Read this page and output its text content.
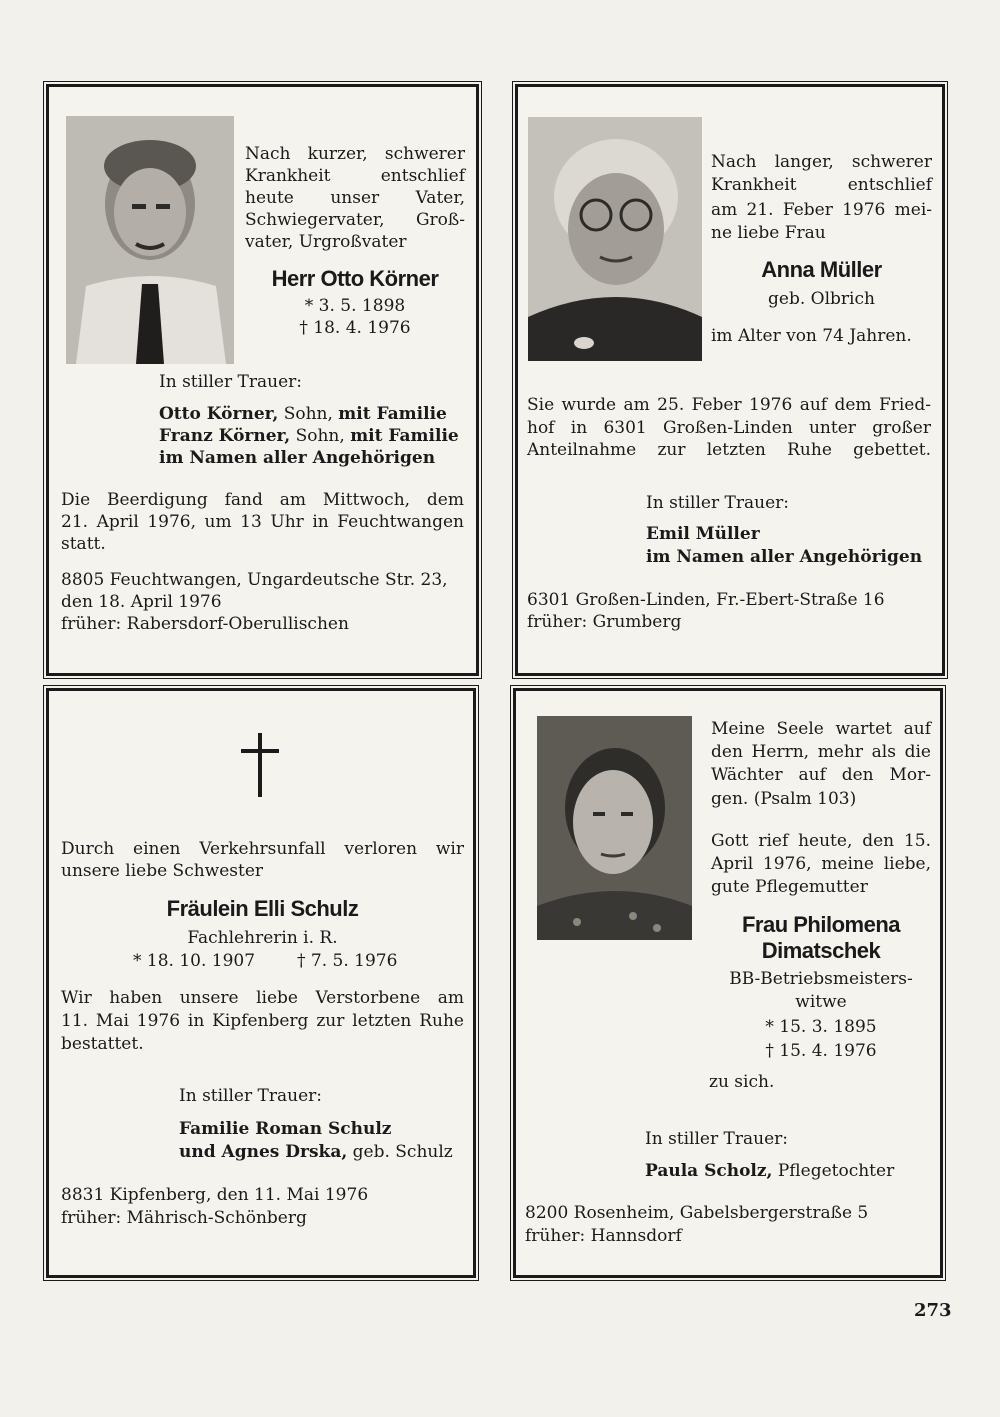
Nach kurzer, schwerer
Krankheit entschlief
heute unser Vater,
Schwiegervater, Groß-
vater, Urgroßvater
Herr Otto Körner
* 3. 5. 1898
† 18. 4. 1976
In stiller Trauer:
Otto Körner, Sohn, mit Familie
Franz Körner, Sohn, mit Familie
im Namen aller Angehörigen
Die Beerdigung fand am Mittwoch, dem
21. April 1976, um 13 Uhr in Feuchtwangen
statt.
8805 Feuchtwangen, Ungardeutsche Str. 23,
den 18. April 1976
früher: Rabersdorf-Oberullischen
Nach langer, schwerer
Krankheit entschlief
am 21. Feber 1976 mei-
ne liebe Frau
Anna Müller
geb. Olbrich
im Alter von 74 Jahren.
Sie wurde am 25. Feber 1976 auf dem Fried-
hof in 6301 Großen-Linden unter großer
Anteilnahme zur letzten Ruhe gebettet.
In stiller Trauer:
Emil Müller
im Namen aller Angehörigen
6301 Großen-Linden, Fr.-Ebert-Straße 16
früher: Grumberg
Durch einen Verkehrsunfall verloren wir
unsere liebe Schwester
Fräulein Elli Schulz
Fachlehrerin i. R.
* 18. 10. 1907 † 7. 5. 1976
Wir haben unsere liebe Verstorbene am
11. Mai 1976 in Kipfenberg zur letzten Ruhe
bestattet.
In stiller Trauer:
Familie Roman Schulz
und Agnes Drska, geb. Schulz
8831 Kipfenberg, den 11. Mai 1976
früher: Mährisch-Schönberg
Meine Seele wartet auf
den Herrn, mehr als die
Wächter auf den Mor-
gen. (Psalm 103)
Gott rief heute, den 15.
April 1976, meine liebe,
gute Pflegemutter
Frau Philomena
Dimatschek
BB-Betriebsmeisters-
witwe
* 15. 3. 1895
† 15. 4. 1976
zu sich.
In stiller Trauer:
Paula Scholz, Pflegetochter
8200 Rosenheim, Gabelsbergerstraße 5
früher: Hannsdorf
273
